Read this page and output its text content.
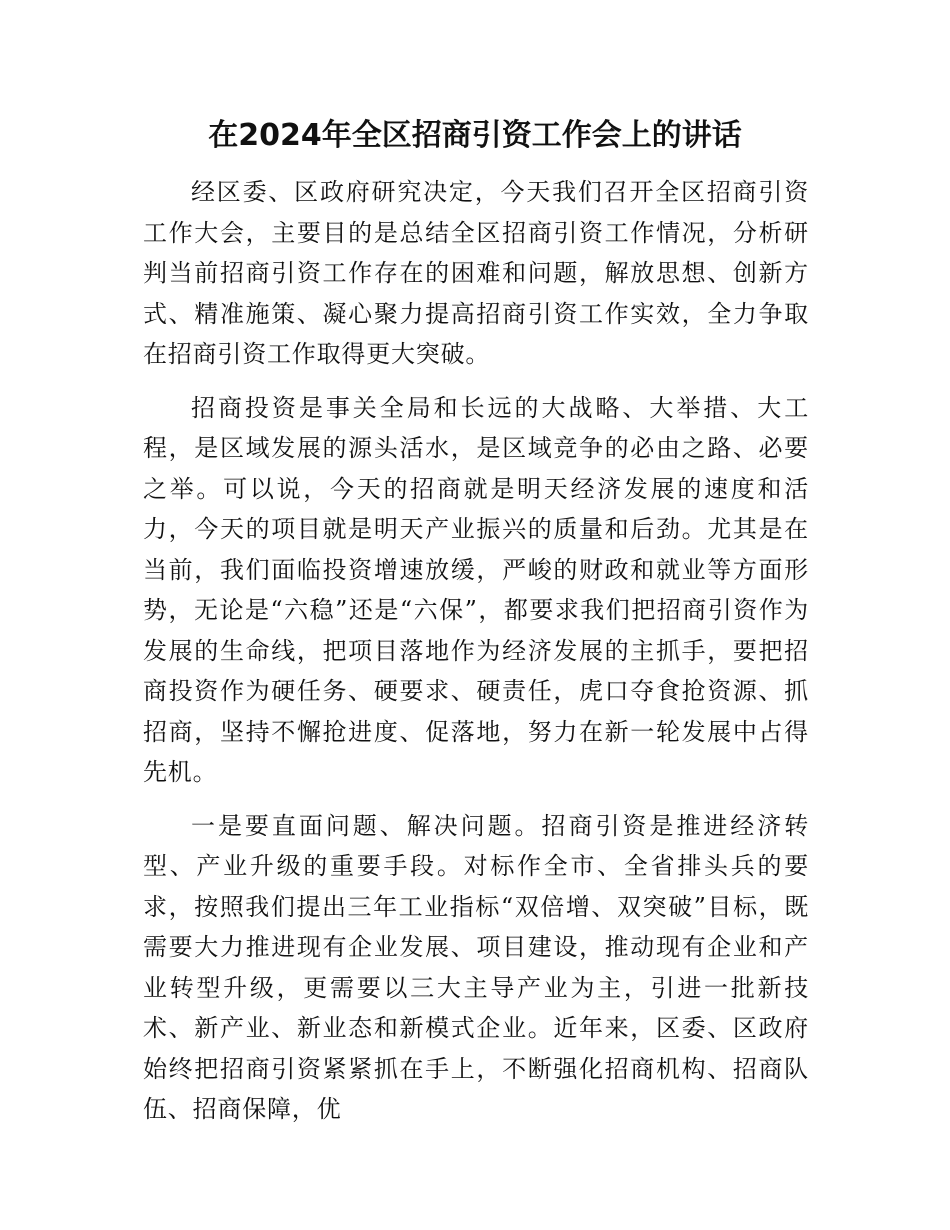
在2024年全区招商引资工作会上的讲话

经区委、区政府研究决定，今天我们召开全区招商引资工作大会，主要目的是总结全区招商引资工作情况，分析研判当前招商引资工作存在的困难和问题，解放思想、创新方式、精准施策、凝心聚力提高招商引资工作实效，全力争取在招商引资工作取得更大突破。

招商投资是事关全局和长远的大战略、大举措、大工程，是区域发展的源头活水，是区域竞争的必由之路、必要之举。可以说，今天的招商就是明天经济发展的速度和活力，今天的项目就是明天产业振兴的质量和后劲。尤其是在当前，我们面临投资增速放缓，严峻的财政和就业等方面形势，无论是“六稳”还是“六保”，都要求我们把招商引资作为发展的生命线，把项目落地作为经济发展的主抓手，要把招商投资作为硬任务、硬要求、硬责任，虎口夺食抢资源、抓招商，坚持不懈抢进度、促落地，努力在新一轮发展中占得先机。

一是要直面问题、解决问题。招商引资是推进经济转型、产业升级的重要手段。对标作全市、全省排头兵的要求，按照我们提出三年工业指标“双倍增、双突破”目标，既需要大力推进现有企业发展、项目建设，推动现有企业和产业转型升级，更需要以三大主导产业为主，引进一批新技术、新产业、新业态和新模式企业。近年来，区委、区政府始终把招商引资紧紧抓在手上，不断强化招商机构、招商队伍、招商保障，优
